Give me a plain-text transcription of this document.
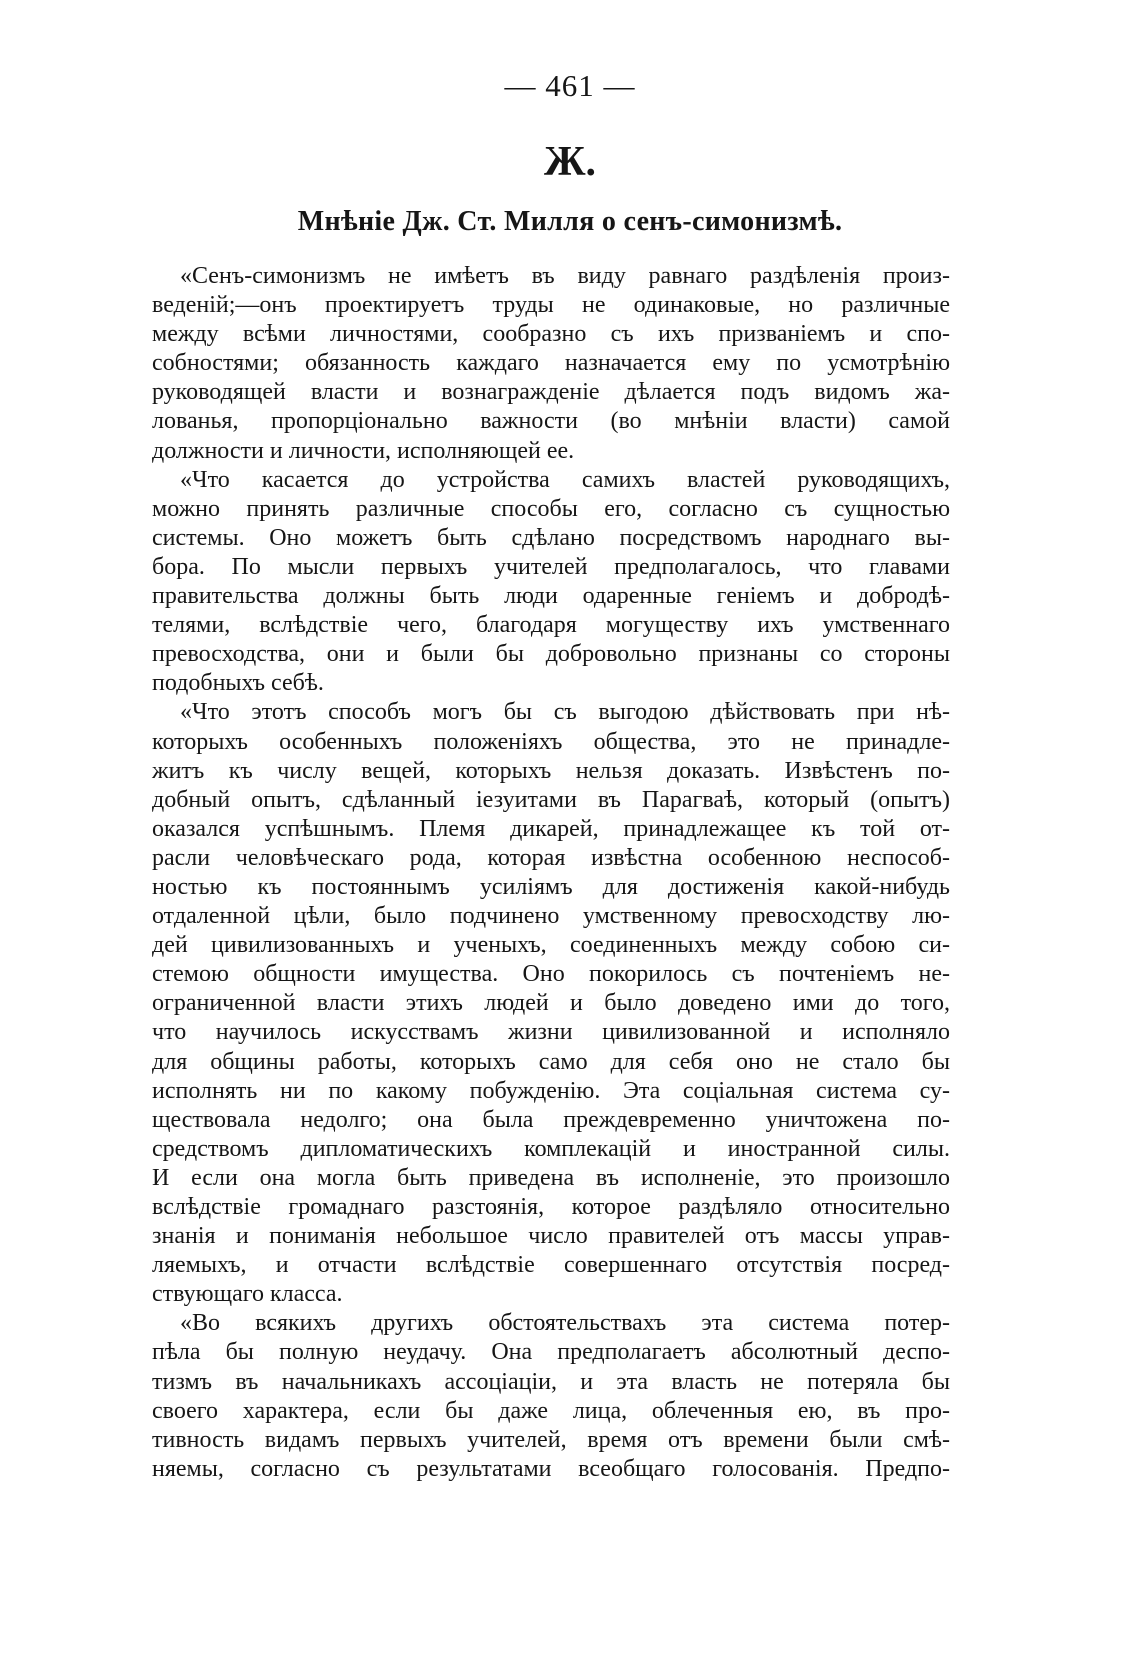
— 461 —
Ж.
Мнѣніе Дж. Ст. Милля о сенъ-симонизмѣ.
«Сенъ-симонизмъ не имѣетъ въ виду равнаго раздѣленія произ-
веденій;—онъ проектируетъ труды не одинаковые, но различные
между всѣми личностями, сообразно съ ихъ призваніемъ и спо-
собностями; обязанность каждаго назначается ему по усмотрѣнію
руководящей власти и вознагражденіе дѣлается подъ видомъ жа-
лованья, пропорціонально важности (во мнѣніи власти) самой
должности и личности, исполняющей ее.
«Что касается до устройства самихъ властей руководящихъ,
можно принять различные способы его, согласно съ сущностью
системы. Оно можетъ быть сдѣлано посредствомъ народнаго вы-
бора. По мысли первыхъ учителей предполагалось, что главами
правительства должны быть люди одаренные геніемъ и добродѣ-
телями, вслѣдствіе чего, благодаря могуществу ихъ умственнаго
превосходства, они и были бы добровольно признаны со стороны
подобныхъ себѣ.
«Что этотъ способъ могъ бы съ выгодою дѣйствовать при нѣ-
которыхъ особенныхъ положеніяхъ общества, это не принадле-
житъ къ числу вещей, которыхъ нельзя доказать. Извѣстенъ по-
добный опытъ, сдѣланный іезуитами въ Парагваѣ, который (опытъ)
оказался успѣшнымъ. Племя дикарей, принадлежащее къ той от-
расли человѣческаго рода, которая извѣстна особенною неспособ-
ностью къ постояннымъ усиліямъ для достиженія какой-нибудь
отдаленной цѣли, было подчинено умственному превосходству лю-
дей цивилизованныхъ и ученыхъ, соединенныхъ между собою си-
стемою общности имущества. Оно покорилось съ почтеніемъ не-
ограниченной власти этихъ людей и было доведено ими до того,
что научилось искусствамъ жизни цивилизованной и исполняло
для общины работы, которыхъ само для себя оно не стало бы
исполнять ни по какому побужденію. Эта соціальная система су-
ществовала недолго; она была преждевременно уничтожена по-
средствомъ дипломатическихъ комплекацій и иностранной силы.
И если она могла быть приведена въ исполненіе, это произошло
вслѣдствіе громаднаго разстоянія, которое раздѣляло относительно
знанія и пониманія небольшое число правителей отъ массы управ-
ляемыхъ, и отчасти вслѣдствіе совершеннаго отсутствія посред-
ствующаго класса.
«Во всякихъ другихъ обстоятельствахъ эта система потер-
пѣла бы полную неудачу. Она предполагаетъ абсолютный деспо-
тизмъ въ начальникахъ ассоціаціи, и эта власть не потеряла бы
своего характера, если бы даже лица, облеченныя ею, въ про-
тивность видамъ первыхъ учителей, время отъ времени были смѣ-
няемы, согласно съ результатами всеобщаго голосованія. Предпо-
